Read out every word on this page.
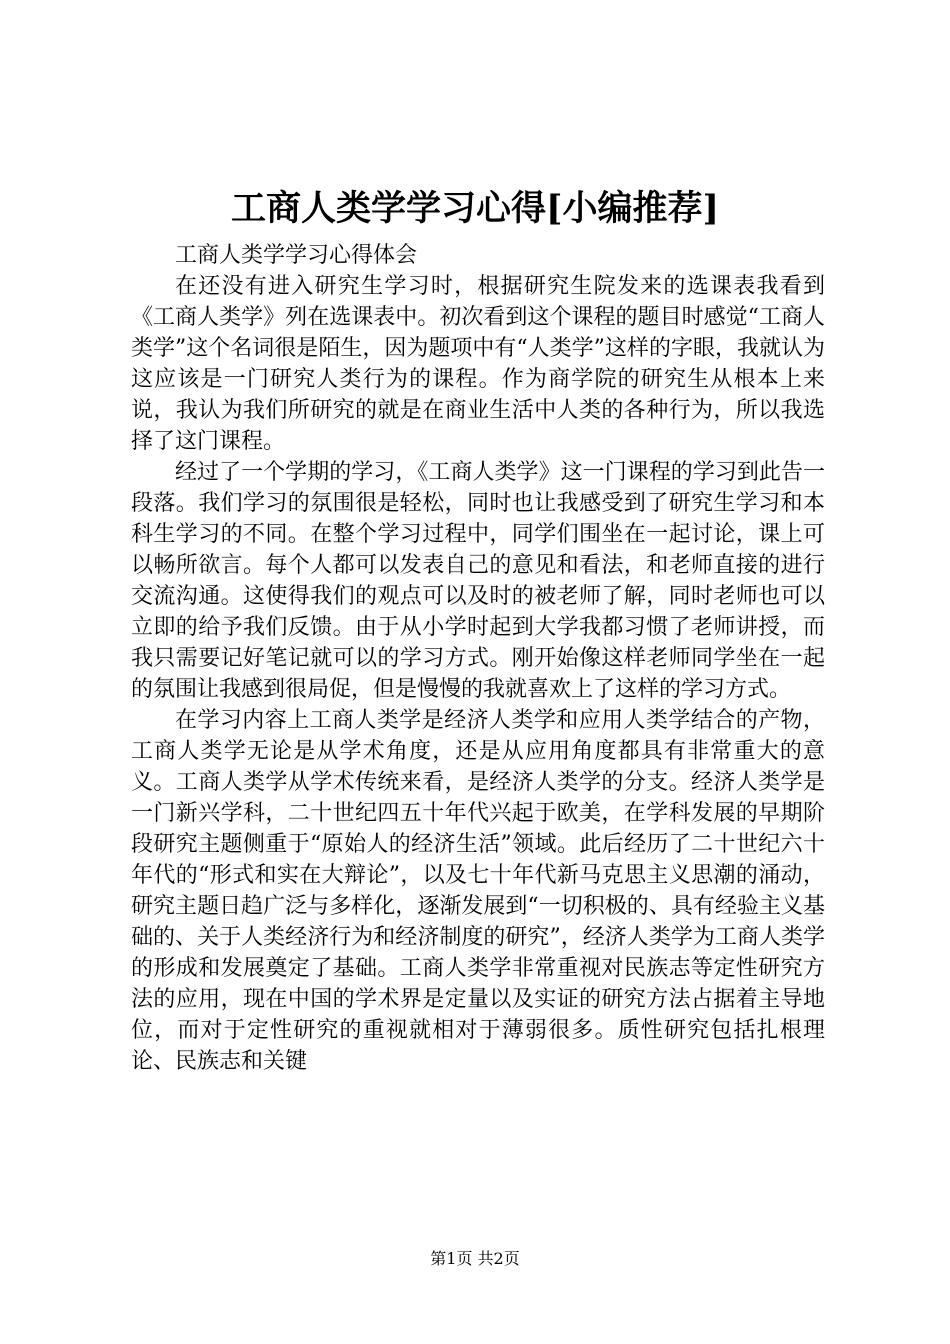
工商人类学学习心得[小编推荐]
工商人类学学习心得体会

在还没有进入研究生学习时，根据研究生院发来的选课表我看到《工商人类学》列在选课表中。初次看到这个课程的题目时感觉“工商人类学”这个名词很是陌生，因为题项中有“人类学”这样的字眼，我就认为这应该是一门研究人类行为的课程。作为商学院的研究生从根本上来说，我认为我们所研究的就是在商业生活中人类的各种行为，所以我选择了这门课程。

经过了一个学期的学习，《工商人类学》这一门课程的学习到此告一段落。我们学习的氛围很是轻松，同时也让我感受到了研究生学习和本科生学习的不同。在整个学习过程中，同学们围坐在一起讨论，课上可以畅所欲言。每个人都可以发表自己的意见和看法，和老师直接的进行交流沟通。这使得我们的观点可以及时的被老师了解，同时老师也可以立即的给予我们反馈。由于从小学时起到大学我都习惯了老师讲授，而我只需要记好笔记就可以的学习方式。刚开始像这样老师同学坐在一起的氛围让我感到很局促，但是慢慢的我就喜欢上了这样的学习方式。

在学习内容上工商人类学是经济人类学和应用人类学结合的产物，工商人类学无论是从学术角度，还是从应用角度都具有非常重大的意义。工商人类学从学术传统来看，是经济人类学的分支。经济人类学是一门新兴学科，二十世纪四五十年代兴起于欧美，在学科发展的早期阶段研究主题侧重于“原始人的经济生活”领域。此后经历了二十世纪六十年代的“形式和实在大辩论”，以及七十年代新马克思主义思潮的涌动，研究主题日趋广泛与多样化，逐渐发展到“一切积极的、具有经验主义基础的、关于人类经济行为和经济制度的研究”，经济人类学为工商人类学的形成和发展奠定了基础。工商人类学非常重视对民族志等定性研究方法的应用，现在中国的学术界是定量以及实证的研究方法占据着主导地位，而对于定性研究的重视就相对于薄弱很多。质性研究包括扎根理论、民族志和关键

第1页 共2页
